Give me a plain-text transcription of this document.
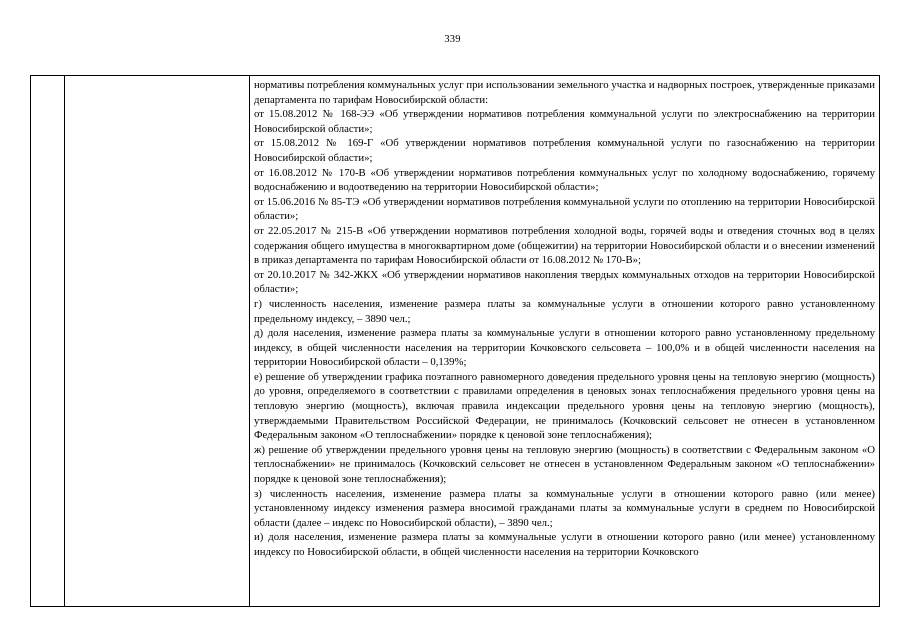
339

нормативы потребления коммунальных услуг при использовании земельного участка и надворных построек, утвержденные приказами департамента по тарифам Новосибирской области:

от 15.08.2012 № 168-ЭЭ «Об утверждении нормативов потребления коммунальной услуги по электроснабжению на территории Новосибирской области»;

от 15.08.2012 № 169-Г «Об утверждении нормативов потребления коммунальной услуги по газоснабжению на территории Новосибирской области»;

от 16.08.2012 № 170-В «Об утверждении нормативов потребления коммунальных услуг по холодному водоснабжению, горячему водоснабжению и водоотведению на территории Новосибирской области»;

от 15.06.2016 № 85-ТЭ «Об утверждении нормативов потребления коммунальной услуги по отоплению на территории Новосибирской области»;

от 22.05.2017 № 215-В «Об утверждении нормативов потребления холодной воды, горячей воды и отведения сточных вод в целях содержания общего имущества в многоквартирном доме (общежитии) на территории Новосибирской области и о внесении изменений в приказ департамента по тарифам Новосибирской области от 16.08.2012 № 170-В»;

от 20.10.2017 № 342-ЖКХ «Об утверждении нормативов накопления твердых коммунальных отходов на территории Новосибирской области»;

г) численность населения, изменение размера платы за коммунальные услуги в отношении которого равно установленному предельному индексу, – 3890 чел.;

д) доля населения, изменение размера платы за коммунальные услуги в отношении которого равно установленному предельному индексу, в общей численности населения на территории Кочковского сельсовета – 100,0% и в общей численности населения на территории Новосибирской области – 0,139%;

е) решение об утверждении графика поэтапного равномерного доведения предельного уровня цены на тепловую энергию (мощность) до уровня, определяемого в соответствии с правилами определения в ценовых зонах теплоснабжения предельного уровня цены на тепловую энергию (мощность), включая правила индексации предельного уровня цены на тепловую энергию (мощность), утверждаемыми Правительством Российской Федерации, не принималось (Кочковский сельсовет не отнесен в установленном Федеральным законом «О теплоснабжении» порядке к ценовой зоне теплоснабжения);

ж) решение об утверждении предельного уровня цены на тепловую энергию (мощность) в соответствии с Федеральным законом «О теплоснабжении» не принималось (Кочковский сельсовет не отнесен в установленном Федеральным законом «О теплоснабжении» порядке к ценовой зоне теплоснабжения);

з) численность населения, изменение размера платы за коммунальные услуги в отношении которого равно (или менее) установленному индексу изменения размера вносимой гражданами платы за коммунальные услуги в среднем по Новосибирской области (далее – индекс по Новосибирской области), – 3890 чел.;

и) доля населения, изменение размера платы за коммунальные услуги в отношении которого равно (или менее) установленному индексу по Новосибирской области, в общей численности населения на территории Кочковского
